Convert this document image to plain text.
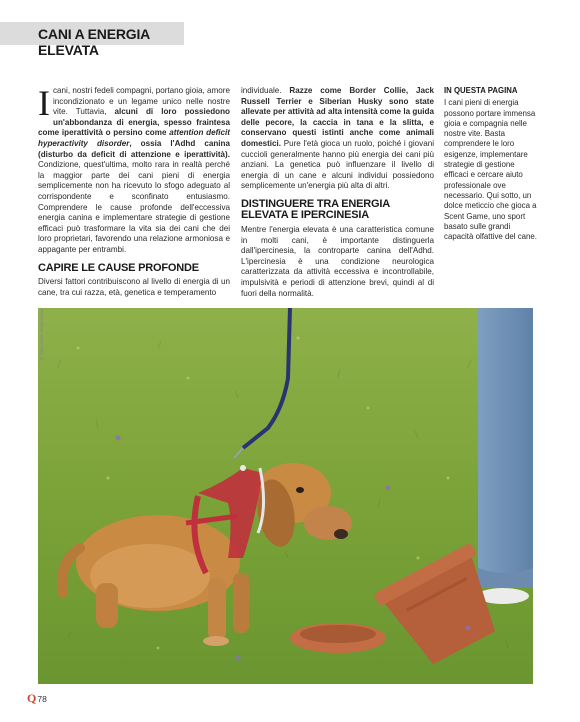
CANI A ENERGIA ELEVATA

Icani, nostri fedeli compagni, portano gioia, amore incondizionato e un legame unico nelle nostre vite. Tuttavia, alcuni di loro possiedono un'abbondanza di energia, spesso fraintesa come iperattività o persino come attention deficit hyperactivity disorder, ossia l'Adhd canina (disturbo da deficit di attenzione e iperattività). Condizione, quest'ultima, molto rara in realtà perché la maggior parte dei cani pieni di energia semplicemente non ha ricevuto lo sfogo adeguato al corrispondente e sconfinato entusiasmo. Comprendere le cause profonde dell'eccessiva energia canina e implementare strategie di gestione efficaci può trasformare la vita sia dei cani che dei loro proprietari, favorendo una relazione armoniosa e appagante per entrambi.

CAPIRE LE CAUSE PROFONDE

Diversi fattori contribuiscono al livello di energia di un cane, tra cui razza, età, genetica e temperamento

individuale. Razze come Border Collie, Jack Russell Terrier e Siberian Husky sono state allevate per attività ad alta intensità come la guida delle pecore, la caccia in tana e la slitta, e conservano questi istinti anche come animali domestici. Pure l'età gioca un ruolo, poiché i giovani cuccioli generalmente hanno più energia dei cani più anziani. La genetica può influenzare il livello di energia di un cane e alcuni individui possiedono semplicemente un'energia più alta di altri.

DISTINGUERE TRA ENERGIA ELEVATA E IPERCINESIA

Mentre l'energia elevata è una caratteristica comune in molti cani, è importante distinguerla dall'ipercinesia, la controparte canina dell'Adhd. L'ipercinesia è una condizione neurologica caratterizzata da attività eccessiva e incontrollabile, impulsività e periodi di attenzione brevi, quindi al di fuori della normalità.

IN QUESTA PAGINA

I cani pieni di energia possono portare immensa gioia e compagnia nelle nostre vite. Basta comprendere le loro esigenze, implementare strategie di gestione efficaci e cercare aiuto professionale ove necessario. Qui sotto, un dolce meticcio che gioca a Scent Game, uno sport basato sulle grandi capacità olfattive del cane.

© Sara Maria Rubeconcia
Q78
